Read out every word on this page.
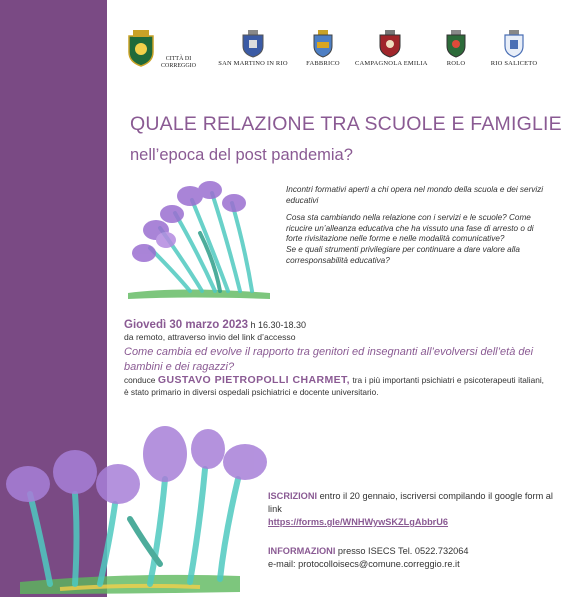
CITTÀ DI
CORREGGIO	SAN MARTINO IN RIO	FABBRICO	CAMPAGNOLA EMILIA	ROLO	RIO SALICETO
QUALE RELAZIONE TRA SCUOLE E FAMIGLIE
nell’epoca del post pandemia?

Incontri formativi aperti a chi opera nel mondo della scuola e dei servizi educativi

Cosa sta cambiando nella relazione con i servizi e le scuole? Come ricucire un’alleanza educativa che ha vissuto una fase di arresto o di forte rivisitazione nelle forme e nelle modalità comunicative?
Se e quali strumenti privilegiare per continuare a dare valore alla corresponsabilità educativa?

Giovedì 30 marzo 2023 h 16.30-18.30
da remoto, attraverso invio del link d’accesso
Come cambia ed evolve il rapporto tra genitori ed insegnanti all’evolversi dell’età dei bambini e dei ragazzi?
conduce GUSTAVO PIETROPOLLI CHARMET, tra i più importanti psichiatri e psicoterapeuti italiani, è stato primario in diversi ospedali psichiatrici e docente universitario.
ISCRIZIONI entro il 20 gennaio, iscriversi compilando il google form al link
https://forms.gle/WNHWywSKZLgAbbrU6
INFORMAZIONI presso ISECS Tel. 0522.732064
e-mail: protocolloisecs@comune.correggio.re.it
